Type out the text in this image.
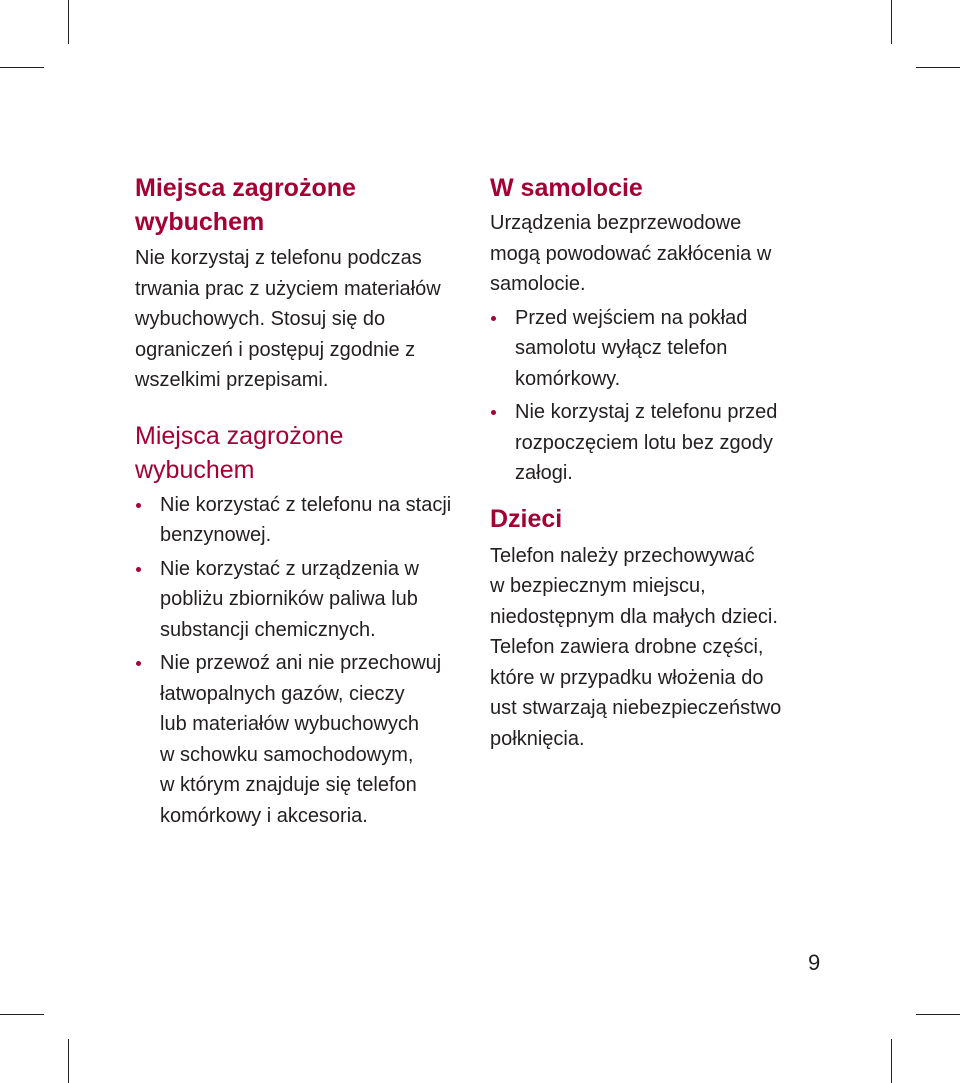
Miejsca zagrożone
wybuchem

Nie korzystaj z telefonu podczas
trwania prac z użyciem materiałów
wybuchowych. Stosuj się do
ograniczeń i postępuj zgodnie z
wszelkimi przepisami.

Miejsca zagrożone
wybuchem
Nie korzystać z telefonu na stacji
benzynowej.
Nie korzystać z urządzenia w
pobliżu zbiorników paliwa lub
substancji chemicznych.
Nie przewoź ani nie przechowuj
łatwopalnych gazów, cieczy
lub materiałów wybuchowych
w schowku samochodowym,
w którym znajduje się telefon
komórkowy i akcesoria.
W samolocie

Urządzenia bezprzewodowe
mogą powodować zakłócenia w
samolocie.

Przed wejściem na pokład
samolotu wyłącz telefon
komórkowy.
Nie korzystaj z telefonu przed
rozpoczęciem lotu bez zgody
załogi.
Dzieci

Telefon należy przechowywać
w bezpiecznym miejscu,
niedostępnym dla małych dzieci.
Telefon zawiera drobne części,
które w przypadku włożenia do
ust stwarzają niebezpieczeństwo
połknięcia.

9
